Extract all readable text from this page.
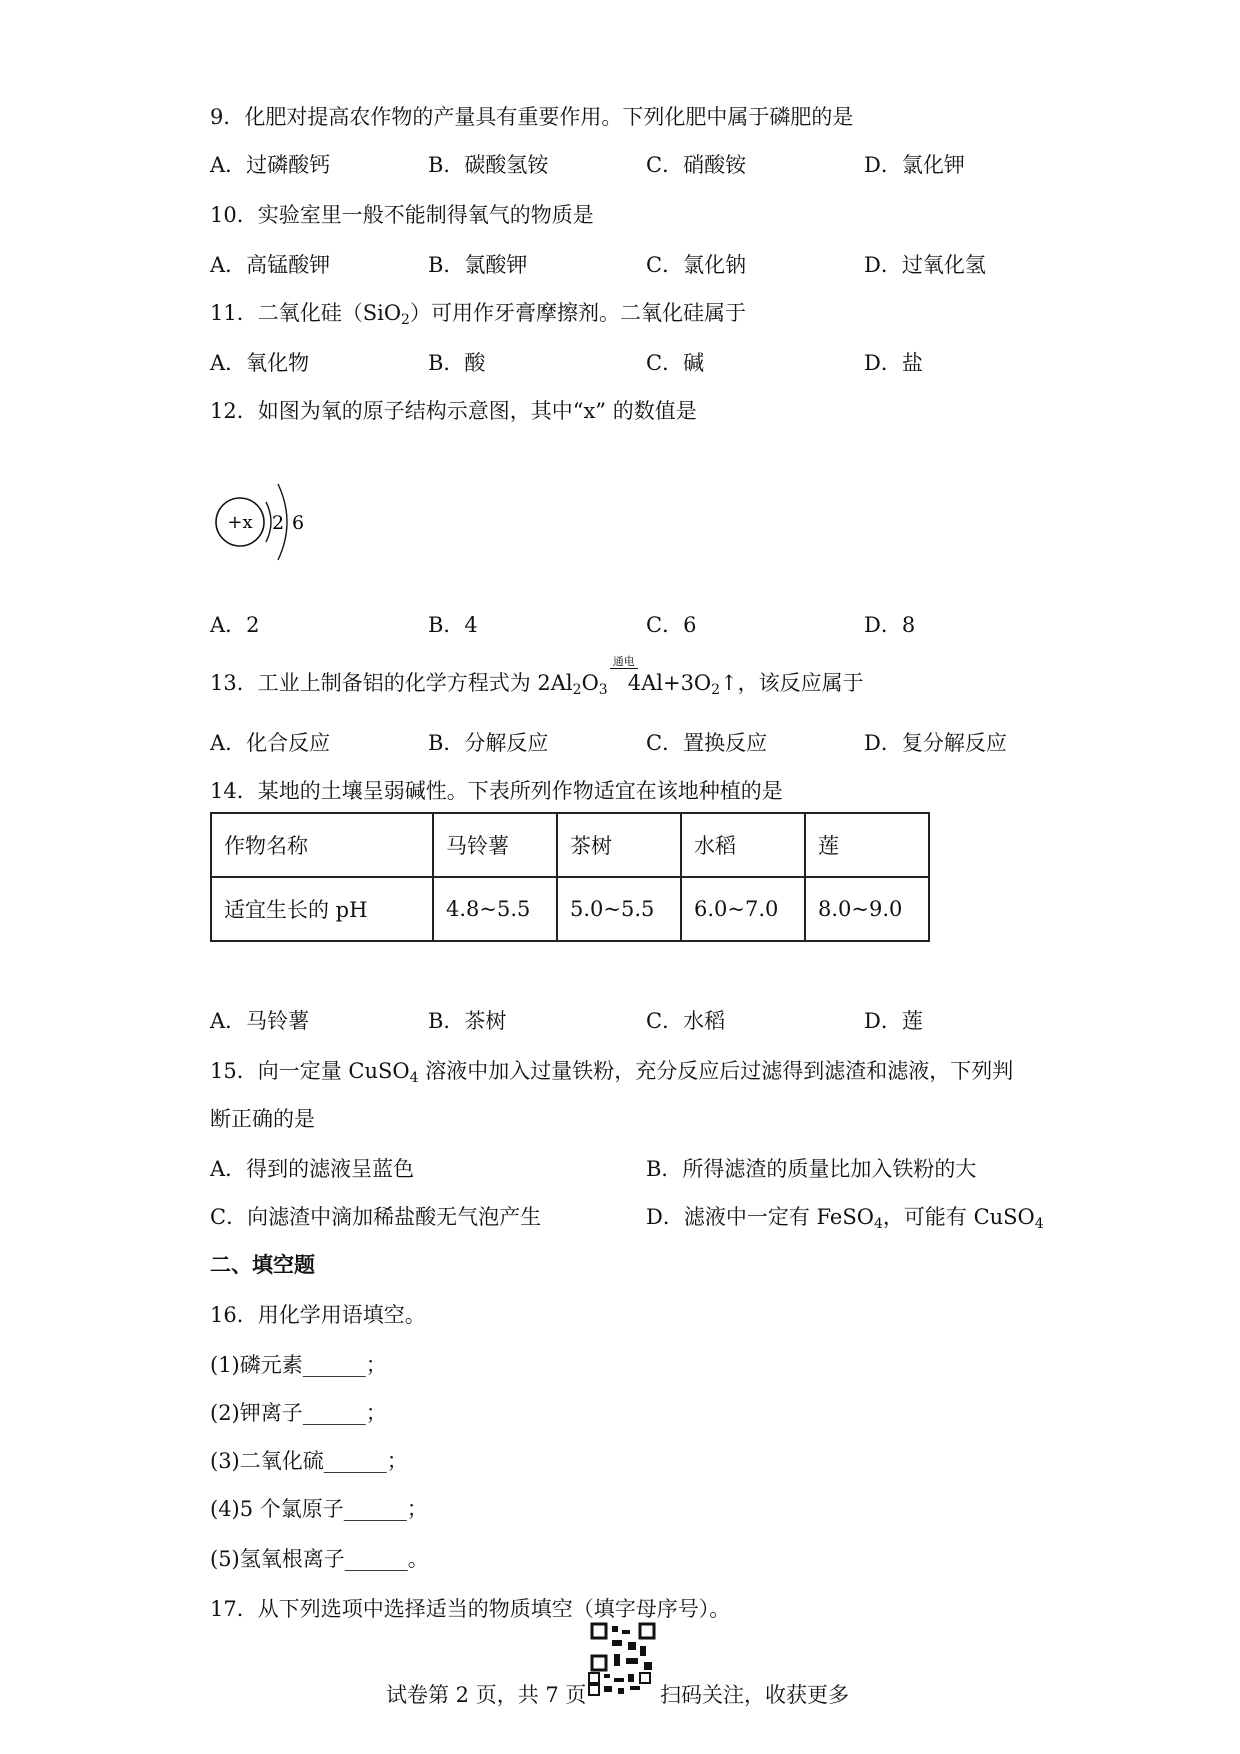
9．化肥对提高农作物的产量具有重要作用。下列化肥中属于磷肥的是
A．过磷酸钙	B．碳酸氢铵	C．硝酸铵	D．氯化钾
10．实验室里一般不能制得氧气的物质是
A．高锰酸钾	B．氯酸钾	C．氯化钠	D．过氧化氢
11．二氧化硅（SiO$_2$）可用作牙膏摩擦剂。二氧化硅属于
A．氧化物	B．酸	C．碱	D．盐
12．如图为氧的原子结构示意图，其中“x” 的数值是
+x 2 6
A．2	B．4	C．6	D．8
13．工业上制备铝的化学方程式为 $2Al_2O_3$
通电
$4Al+3O_2↑$，该反应属于
A．化合反应	B．分解反应	C．置换反应	D．复分解反应
14．某地的土壤呈弱碱性。下表所列作物适宜在该地种植的是
作物名称	马铃薯	茶树	水稻	莲
适宜生长的 pH	4.8~5.5	5.0~5.5	6.0~7.0	8.0~9.0
A．马铃薯	B．茶树	C．水稻	D．莲
15．向一定量 CuSO$_4$ 溶液中加入过量铁粉，充分反应后过滤得到滤渣和滤液，下列判
断正确的是
A．得到的滤液呈蓝色	B．所得滤渣的质量比加入铁粉的大
C．向滤渣中滴加稀盐酸无气泡产生	D．滤液中一定有 FeSO$_4$，可能有 CuSO$_4$
二、填空题
16．用化学用语填空。
(1)磷元素______；
(2)钾离子______；
(3)二氧化硫______；
(4)5 个氯原子______；
(5)氢氧根离子______。
17．从下列选项中选择适当的物质填空（填字母序号）。
试卷第 2 页，共 7 页	扫码关注，收获更多
